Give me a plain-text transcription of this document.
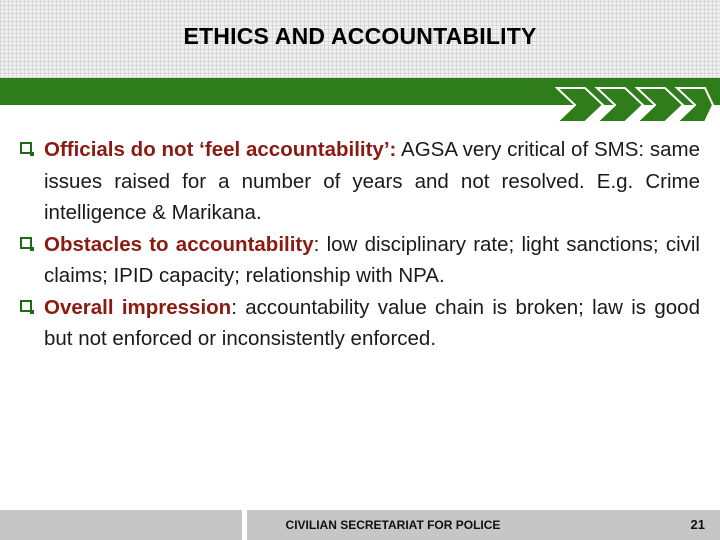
ETHICS AND ACCOUNTABILITY
Officials do not ‘feel accountability’: AGSA very critical of SMS: same issues raised for a number of years and not resolved. E.g. Crime intelligence & Marikana.
Obstacles to accountability: low disciplinary rate; light sanctions; civil claims; IPID capacity; relationship with NPA.
Overall impression: accountability value chain is broken; law is good but not enforced or inconsistently enforced.
CIVILIAN SECRETARIAT FOR POLICE	21
